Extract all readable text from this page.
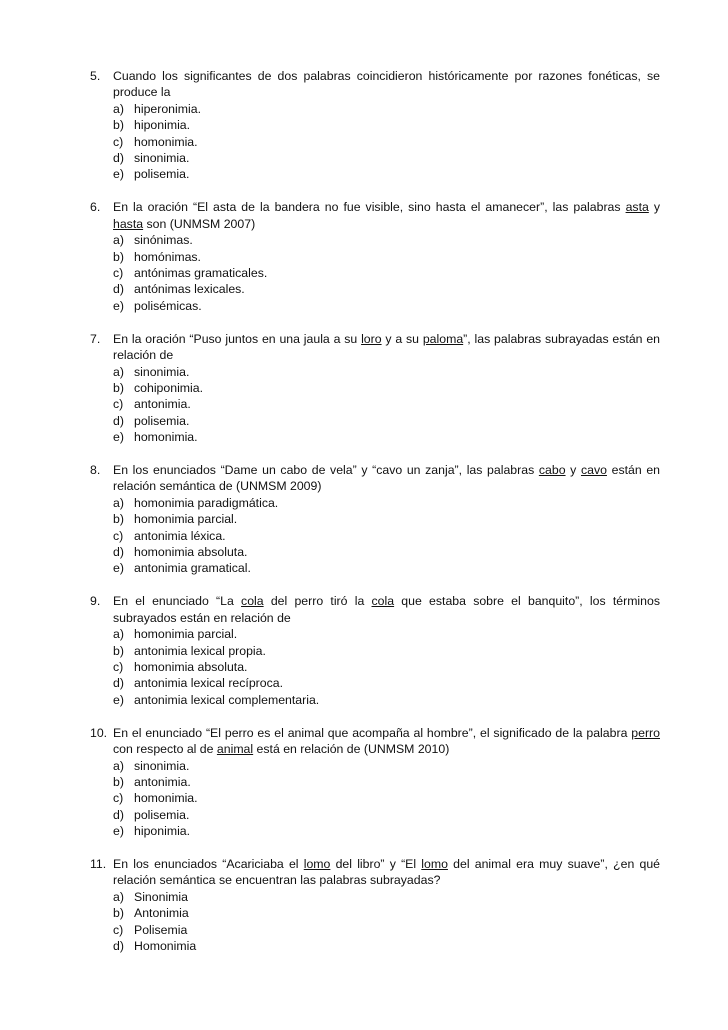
5. Cuando los significantes de dos palabras coincidieron históricamente por razones fonéticas, se produce la
a) hiperonimia.
b) hiponimia.
c) homonimia.
d) sinonimia.
e) polisemia.
6. En la oración “El asta de la bandera no fue visible, sino hasta el amanecer”, las palabras asta y hasta son (UNMSM 2007)
a) sinónimas.
b) homónimas.
c) antónimas gramaticales.
d) antónimas lexicales.
e) polisémicas.
7. En la oración “Puso juntos en una jaula a su loro y a su paloma”, las palabras subrayadas están en relación de
a) sinonimia.
b) cohiponimia.
c) antonimia.
d) polisemia.
e) homonimia.
8. En los enunciados “Dame un cabo de vela” y “cavo un zanja”, las palabras cabo y cavo están en relación semántica de (UNMSM 2009)
a) homonimia paradigmática.
b) homonimia parcial.
c) antonimia léxica.
d) homonimia absoluta.
e) antonimia gramatical.
9. En el enunciado “La cola del perro tiró la cola que estaba sobre el banquito”, los términos subrayados están en relación de
a) homonimia parcial.
b) antonimia lexical propia.
c) homonimia absoluta.
d) antonimia lexical recíproca.
e) antonimia lexical complementaria.
10. En el enunciado “El perro es el animal que acompaña al hombre”, el significado de la palabra perro con respecto al de animal está en relación de (UNMSM 2010)
a) sinonimia.
b) antonimia.
c) homonimia.
d) polisemia.
e) hiponimia.
11. En los enunciados “Acariciaba el lomo del libro” y “El lomo del animal era muy suave”, ¿en qué relación semántica se encuentran las palabras subrayadas?
a) Sinonimia
b) Antonimia
c) Polisemia
d) Homonimia
